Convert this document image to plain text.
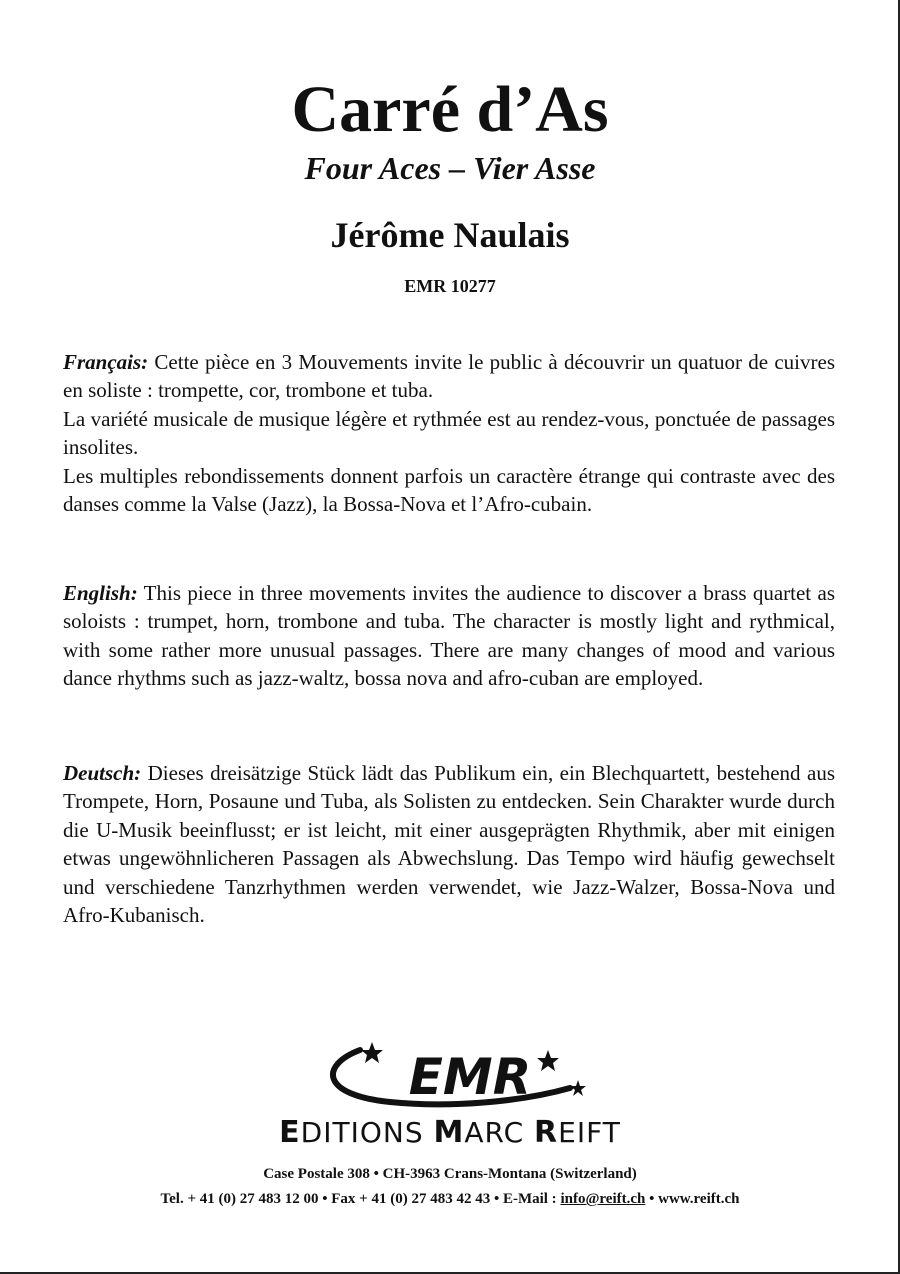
Carré d’As
Four Aces – Vier Asse
Jérôme Naulais
EMR 10277

Français: Cette pièce en 3 Mouvements invite le public à découvrir un quatuor de cuivres en soliste : trompette, cor, trombone et tuba.

La variété musicale de musique légère et rythmée est au rendez-vous, ponctuée de passages insolites.

Les multiples rebondissements donnent parfois un caractère étrange qui contraste avec des danses comme la Valse (Jazz), la Bossa-Nova et l’Afro-cubain.

English: This piece in three movements invites the audience to discover a brass quartet as soloists : trumpet, horn, trombone and tuba. The character is mostly light and rythmical, with some rather more unusual passages. There are many changes of mood and various dance rhythms such as jazz-waltz, bossa nova and afro-cuban are employed.

Deutsch: Dieses dreisätzige Stück lädt das Publikum ein, ein Blechquartett, bestehend aus Trompete, Horn, Posaune und Tuba, als Solisten zu entdecken. Sein Charakter wurde durch die U-Musik beeinflusst; er ist leicht, mit einer ausgeprägten Rhythmik, aber mit einigen etwas ungewöhnlicheren Passagen als Abwechslung. Das Tempo wird häufig gewechselt und verschiedene Tanzrhythmen werden verwendet, wie Jazz-Walzer, Bossa-Nova und Afro-Kubanisch.

EMR
EDITIONS MARC REIFT
Case Postale 308 • CH-3963 Crans-Montana (Switzerland)
Tel. + 41 (0) 27 483 12 00 • Fax + 41 (0) 27 483 42 43 • E-Mail : info@reift.ch • www.reift.ch
